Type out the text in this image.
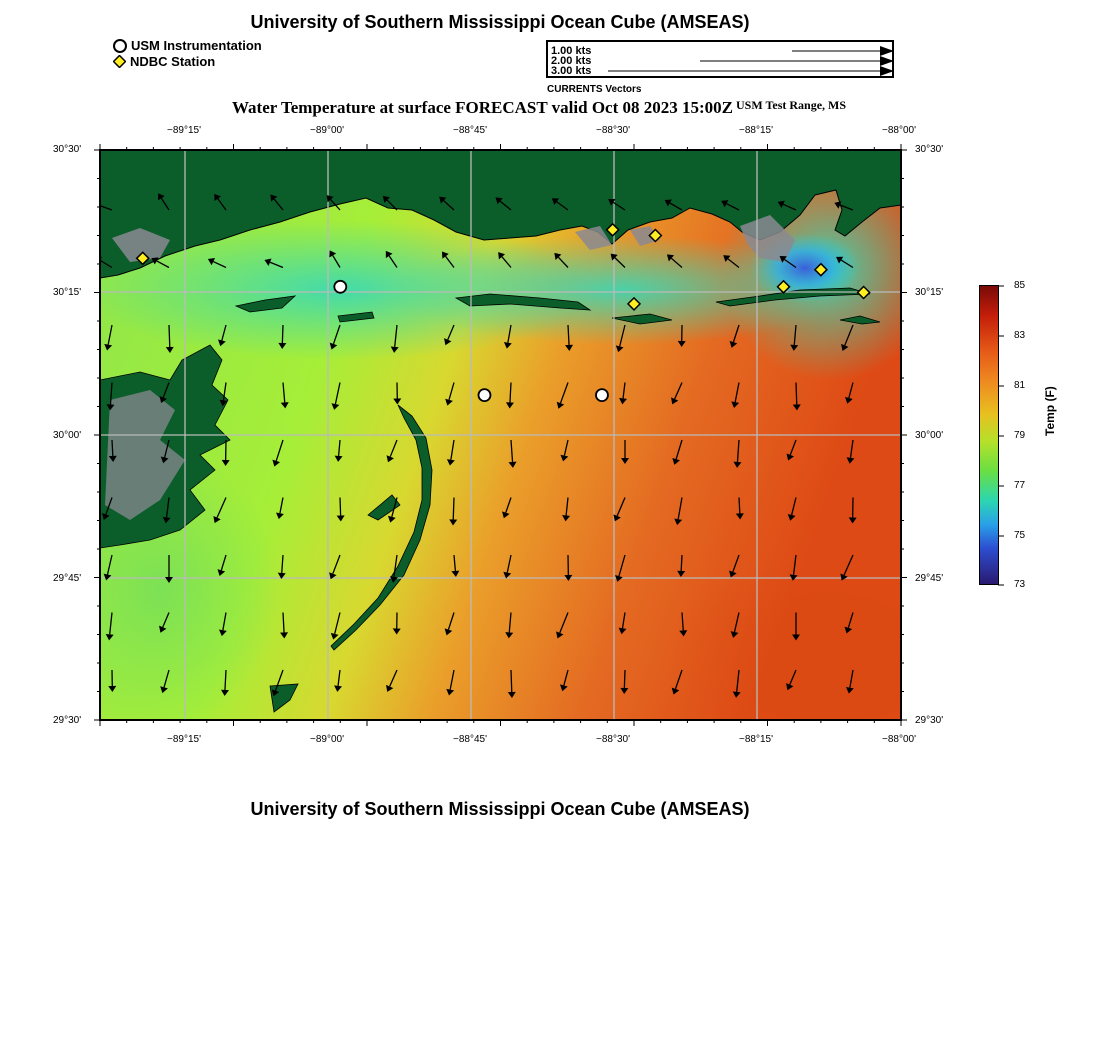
University of Southern Mississippi Ocean Cube (AMSEAS)
USM Instrumentation
NDBC Station
1.00 kts
2.00 kts
3.00 kts
CURRENTS Vectors
Water Temperature at surface FORECAST valid Oct 08 2023 15:00Z $^{USM Test Range, MS}$
−89°15'	−89°00'	−88°45'	−88°30'	−88°15'	−88°00'
−89°15'	−89°00'	−88°45'	−88°30'	−88°15'	−88°00'
30°30'
30°15'
30°00'
29°45'
29°30'
30°30'
30°15'
30°00'
29°45'
29°30'
85
83
81
79
77
75
73
Temp (F)
University of Southern Mississippi Ocean Cube (AMSEAS)
